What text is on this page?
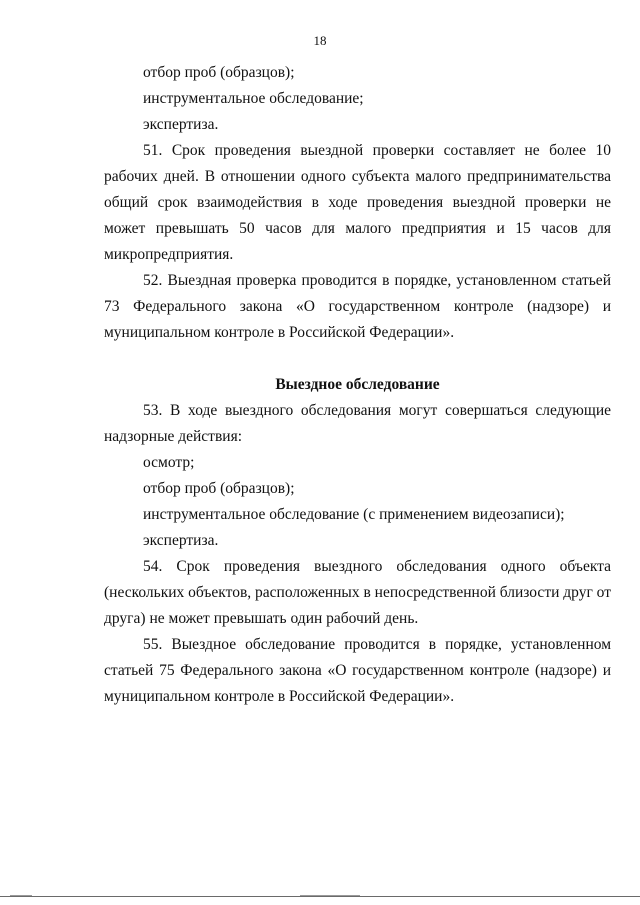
18

отбор проб (образцов);

инструментальное обследование;

экспертиза.

51. Срок проведения выездной проверки составляет не более 10 рабочих дней. В отношении одного субъекта малого предпринимательства общий срок взаимодействия в ходе проведения выездной проверки не может превышать 50 часов для малого предприятия и 15 часов для микропредприятия.

52. Выездная проверка проводится в порядке, установленном статьей 73 Федерального закона «О государственном контроле (надзоре) и муниципальном контроле в Российской Федерации».

Выездное обследование

53. В ходе выездного обследования могут совершаться следующие надзорные действия:

осмотр;

отбор проб (образцов);

инструментальное обследование (с применением видеозаписи);

экспертиза.

54. Срок проведения выездного обследования одного объекта (нескольких объектов, расположенных в непосредственной близости друг от друга) не может превышать один рабочий день.

55. Выездное обследование проводится в порядке, установленном статьей 75 Федерального закона «О государственном контроле (надзоре) и муниципальном контроле в Российской Федерации».
